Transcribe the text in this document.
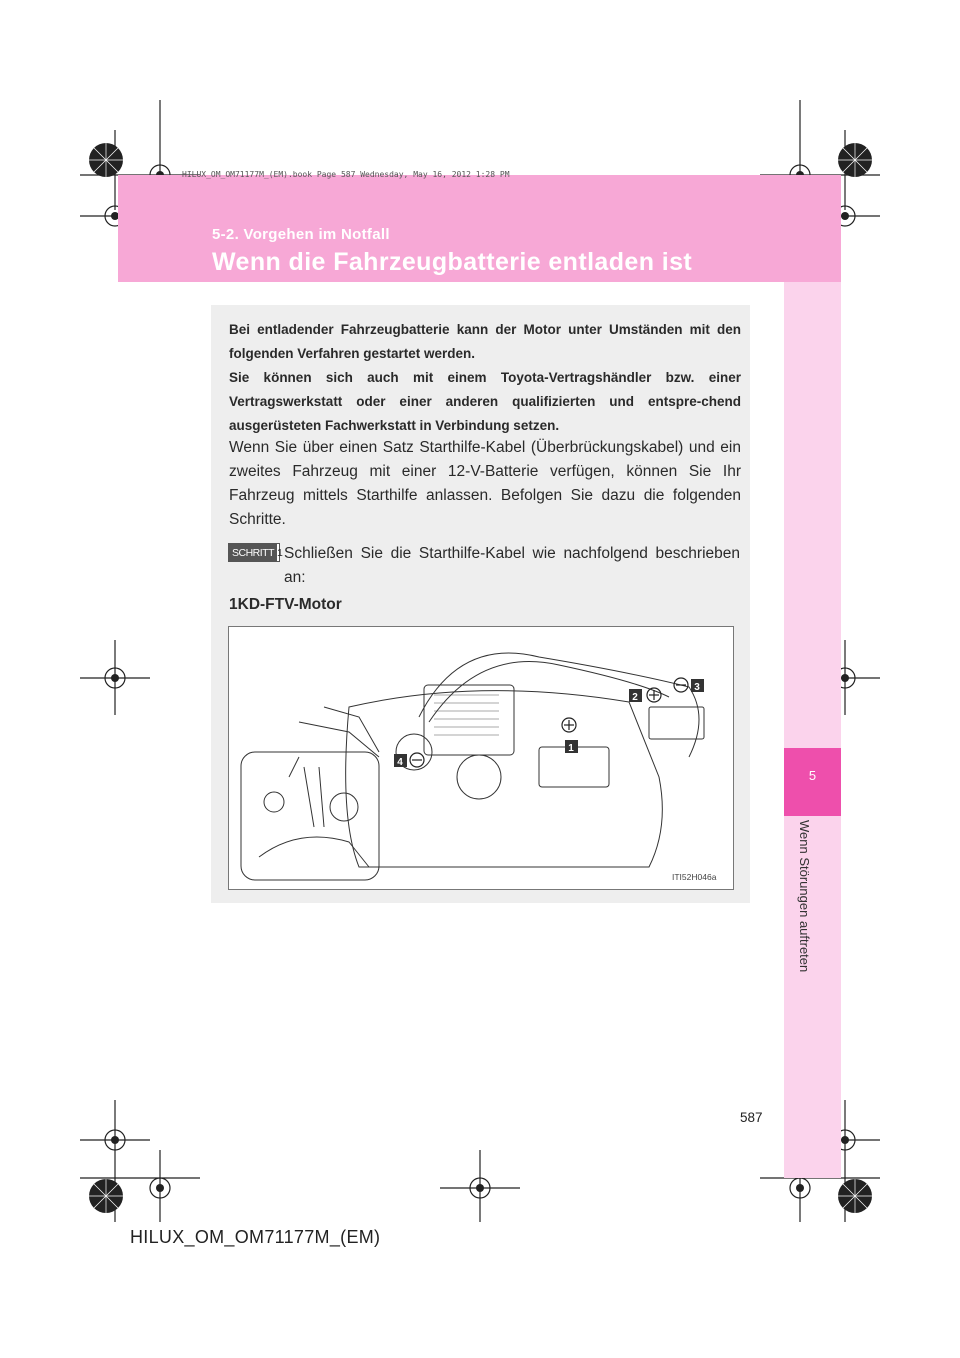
HILUX_OM_OM71177M_(EM).book Page 587 Wednesday, May 16, 2012 1:28 PM
5-2. Vorgehen im Notfall
Wenn die Fahrzeugbatterie entladen ist
5
Wenn Störungen auftreten
Bei entladender Fahrzeugbatterie kann der Motor unter Umständen mit den folgenden Verfahren gestartet werden.
Sie können sich auch mit einem Toyota-Vertragshändler bzw. einer Vertragswerkstatt oder einer anderen qualifizierten und entspre-chend ausgerüsteten Fachwerkstatt in Verbindung setzen.
Wenn Sie über einen Satz Starthilfe-Kabel (Überbrückungskabel) und ein zweites Fahrzeug mit einer 12-V-Batterie verfügen, können Sie Ihr Fahrzeug mittels Starthilfe anlassen. Befolgen Sie dazu die folgenden Schritte.
SCHRITT 1 Schließen Sie die Starthilfe-Kabel wie nachfolgend beschrieben an:
1KD-FTV-Motor
1
2
3
4
ITI52H046a
587
HILUX_OM_OM71177M_(EM)
